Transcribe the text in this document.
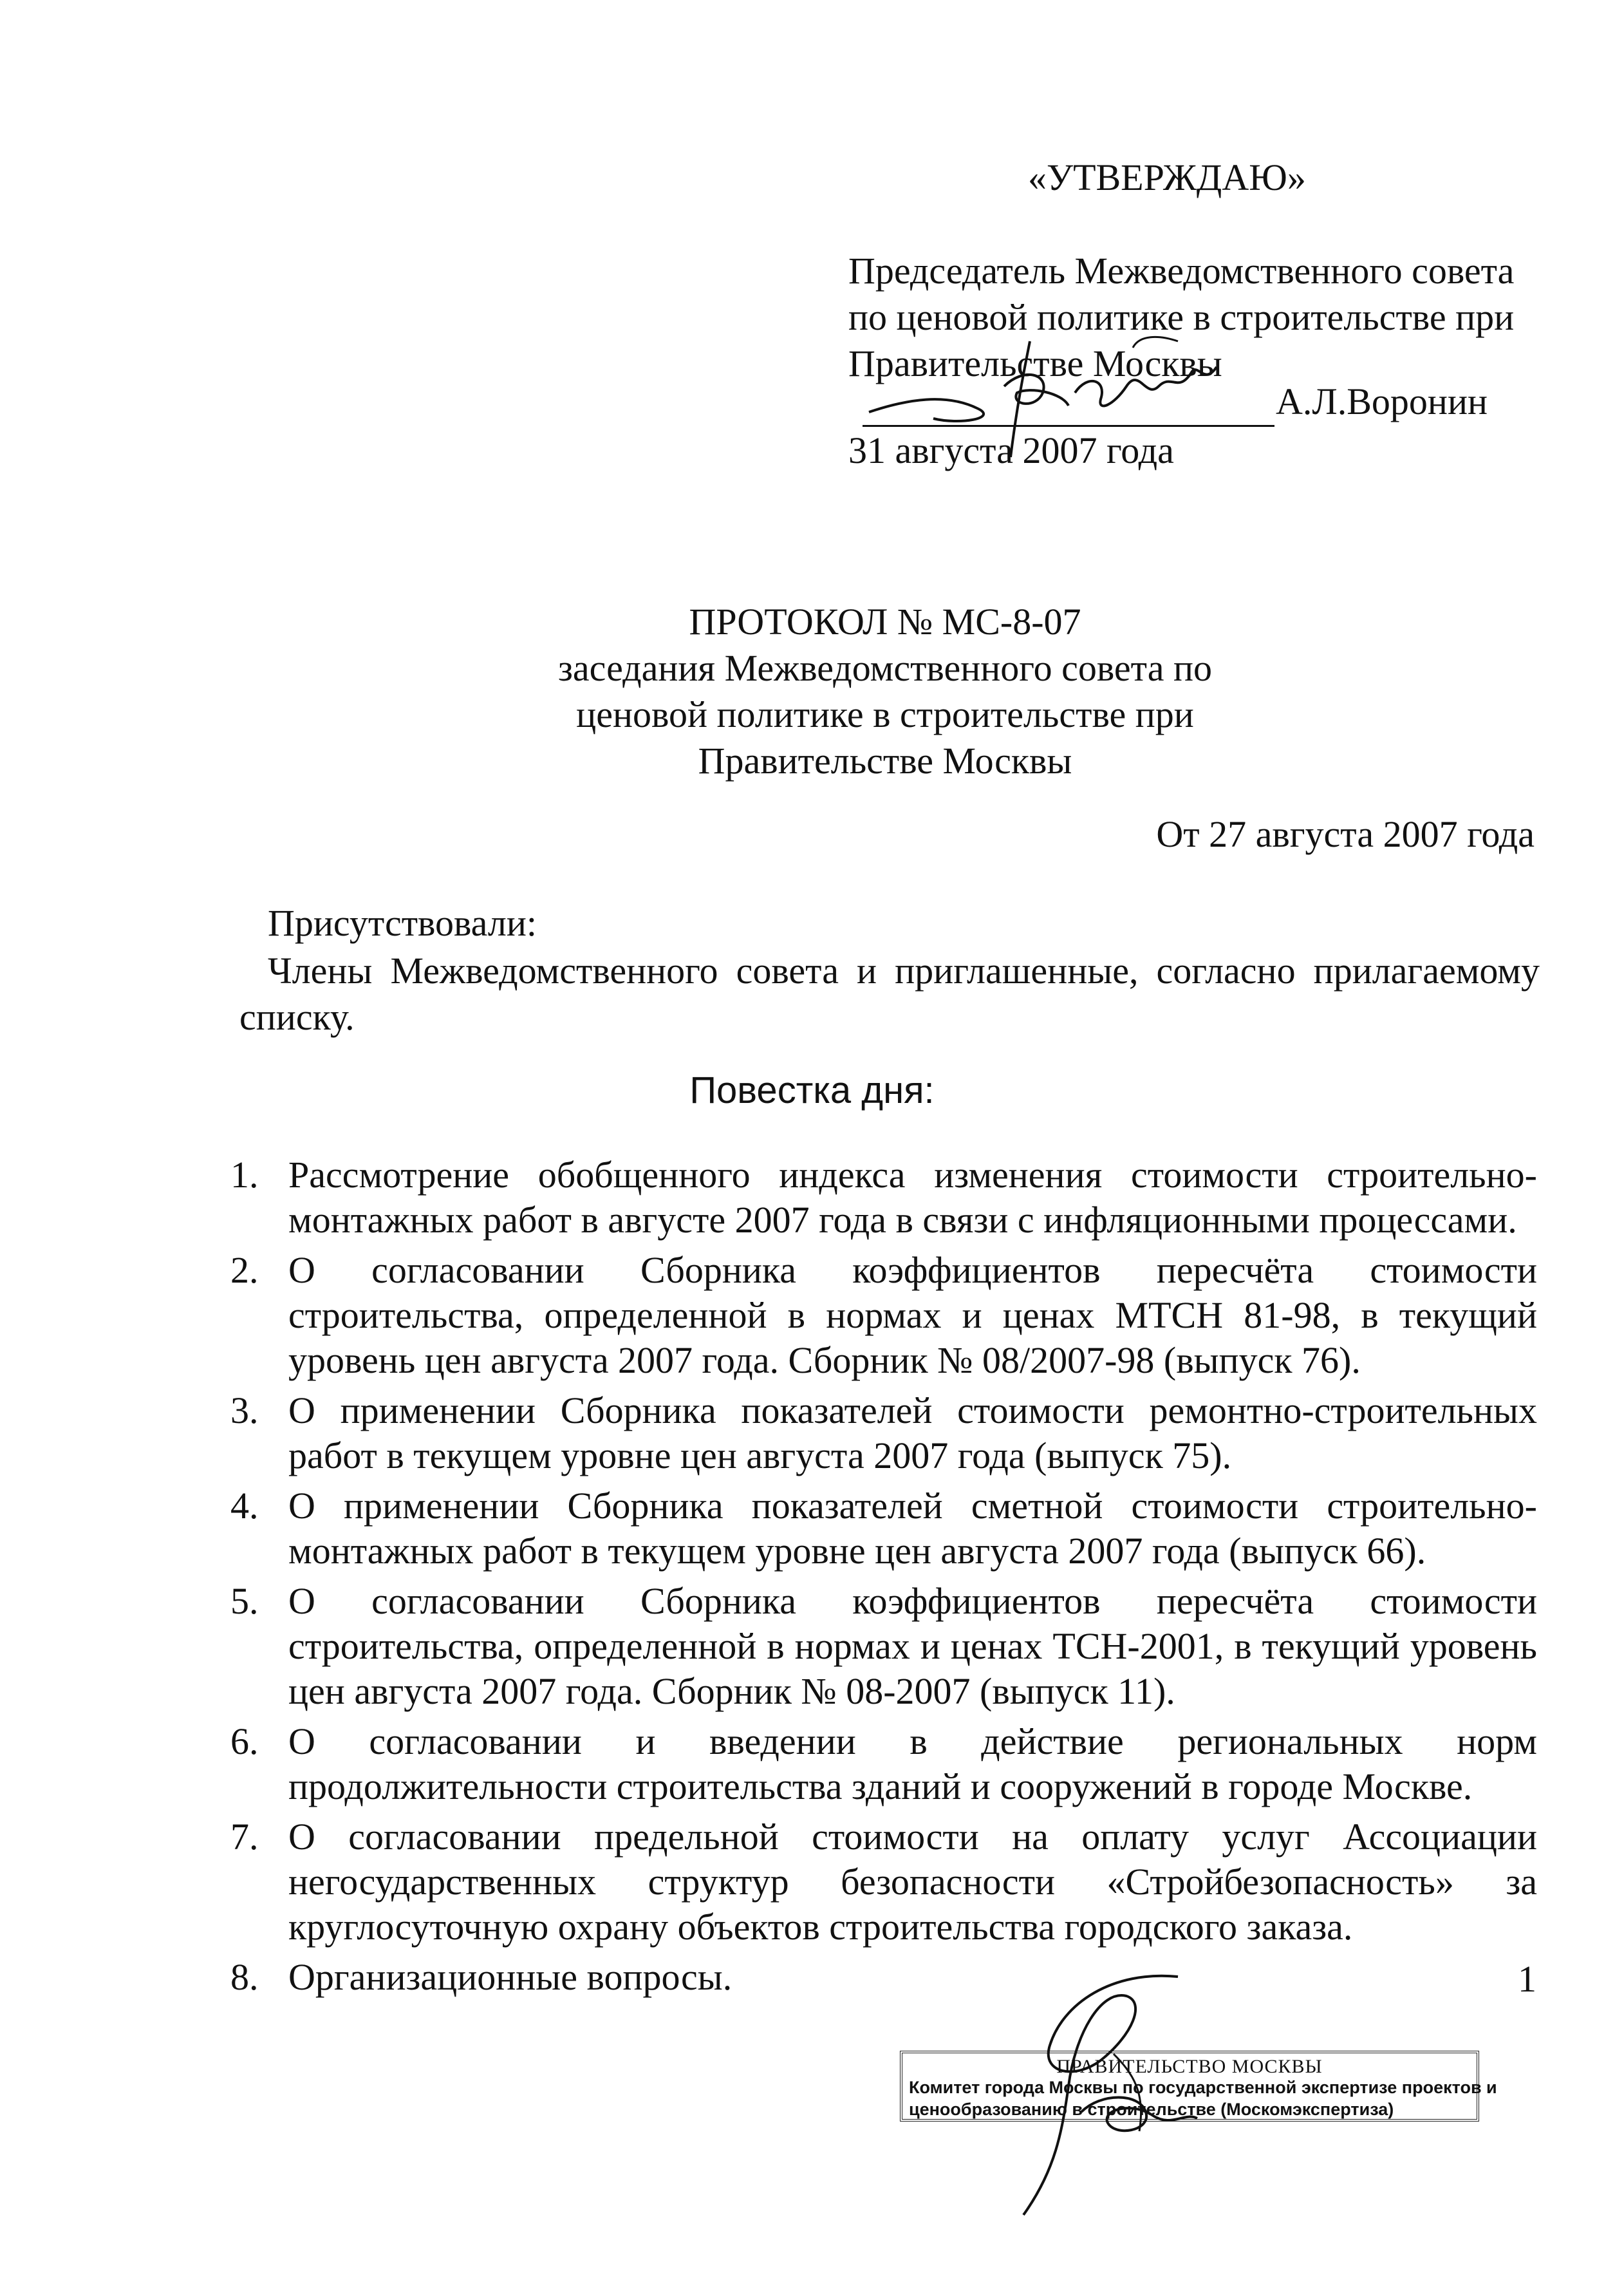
«УТВЕРЖДАЮ»
Председатель Межведомственного совета
по ценовой политике в строительстве при
Правительстве Москвы
А.Л.Воронин
31 августа 2007 года
ПРОТОКОЛ № МС-8-07
заседания Межведомственного совета по
ценовой политике в строительстве при
Правительстве Москвы
От 27 августа 2007 года
Присутствовали:
Члены Межведомственного совета и приглашенные, согласно прилагаемому списку.
Повестка дня:
1. Рассмотрение обобщенного индекса изменения стоимости строительно-монтажных работ в августе 2007 года в связи с инфляционными процессами.
2. О согласовании Сборника коэффициентов пересчёта стоимости строительства, определенной в нормах и ценах МТСН 81-98, в текущий уровень цен августа 2007 года. Сборник № 08/2007-98 (выпуск 76).
3. О применении Сборника показателей стоимости ремонтно-строительных работ в текущем уровне цен августа 2007 года (выпуск 75).
4. О применении Сборника показателей сметной стоимости строительно-монтажных работ в текущем уровне цен августа 2007 года (выпуск 66).
5. О согласовании Сборника коэффициентов пересчёта стоимости строительства, определенной в нормах и ценах ТСН-2001, в текущий уровень цен августа 2007 года. Сборник № 08-2007 (выпуск 11).
6. О согласовании и введении в действие региональных норм продолжительности строительства зданий и сооружений в городе Москве.
7. О согласовании предельной стоимости на оплату услуг Ассоциации негосударственных структур безопасности «Стройбезопасность» за круглосуточную охрану объектов строительства городского заказа.
8. Организационные вопросы.	1
ПРАВИТЕЛЬСТВО МОСКВЫ
Комитет города Москвы по государственной экспертизе проектов и
ценообразованию в строительстве (Москомэкспертиза)
